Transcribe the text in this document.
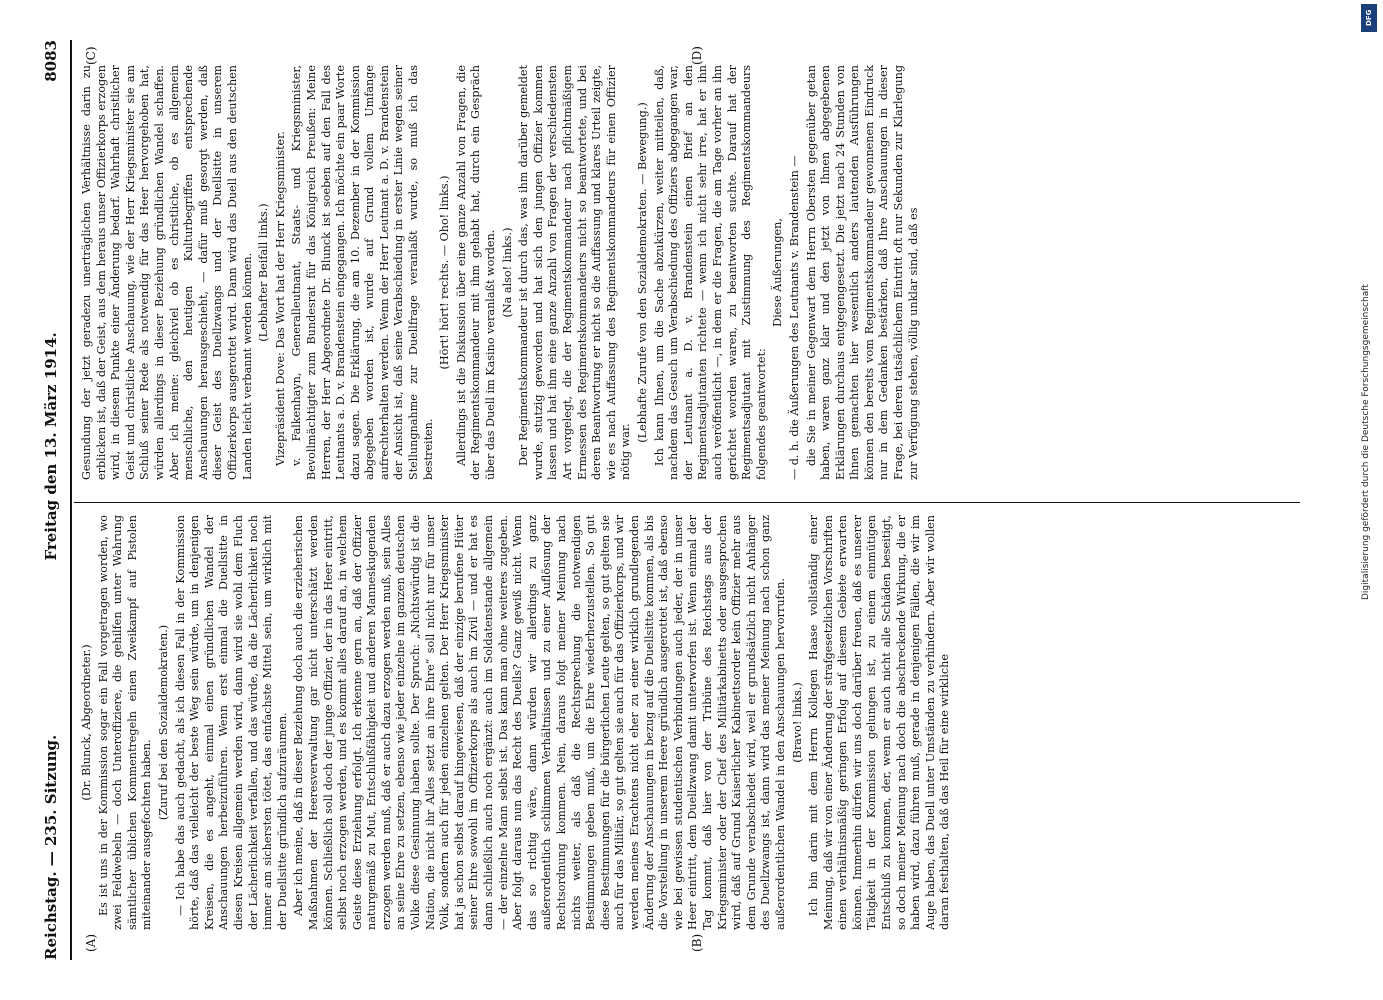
Reichstag. — 235. Sitzung.
Freitag den 13. März 1914.  8083
(A)	(B)
(C)	(D)

(Dr. Blunck, Abgeordneter.) Es ist uns in der Kommission sogar ein Fall vorgetragen worden, wo zwei Feldwebeln — doch Unteroffiziere, die gehilfen unter Wahrung sämtlicher üblichen Kommentregeln einen Zweikampf auf Pistolen miteinander ausgefochten haben.

(Zuruf bei den Sozialdemokraten.) — Ich habe das auch gedacht, als ich diesen Fall in der Kommission hörte, daß das vielleicht der beste Weg sein würde, um in denjenigen Kreisen, die es angeht, einmal einen gründlichen Wandel der Anschauungen herbeizuführen. Wenn erst einmal die Duellsitte in diesen Kreisen allgemein werden wird, dann wird sie wohl dem Fluch der Lächerlichkeit verfallen, und das würde, da die Lächerlichkeit noch immer am sichersten tötet, das einfachste Mittel sein, um wirklich mit der Duellsitte gründlich aufzuräumen. Aber ich meine, daß in dieser Beziehung doch auch die erzieherischen Maßnahmen der Heeresverwaltung gar nicht unterschätzt werden können. Schließlich soll doch der junge Offizier, der in das Heer eintritt, selbst noch erzogen werden, und es kommt alles darauf an, in welchem Geiste diese Erziehung erfolgt. Ich erkenne gern an, daß der Offizier naturgemäß zu Mut, Entschlußfähigkeit und anderen Manneskugenden erzogen werden muß, daß er auch dazu erzogen werden muß, sein Alles an seine Ehre zu setzen, ebenso wie jeder einzelne im ganzen deutschen Volke diese Gesinnung haben sollte. Der Spruch: „Nichtswürdig ist die Nation, die nicht ihr Alles setzt an ihre Ehre“ soll nicht nur für unser Volk, sondern auch für jeden einzelnen gelten. Der Herr Kriegsminister hat ja schon selbst darauf hingewiesen, daß der einzige berufene Hüter seiner Ehre sowohl im Offizierkorps als auch im Zivil — und er hat es dann schließlich auch noch ergänzt: auch im Soldatenstande allgemein — der einzelne Mann selbst ist. Das kann man ohne weiteres zugeben. Aber folgt daraus nun das Recht des Duells? Ganz gewiß nicht. Wenn das so richtig wäre, dann würden wir allerdings zu ganz außerordentlich schlimmen Verhältnissen und zu einer Auflösung der Rechtsordnung kommen. Nein, daraus folgt meiner Meinung nach nichts weiter, als daß die Rechtsprechung die notwendigen Bestimmungen geben muß, um die Ehre wiederherzustellen. So gut diese Bestimmungen für die bürgerlichen Leute gelten, so gut gelten sie auch für das Militär, so gut gelten sie auch für das Offizierkorps, und wir werden meines Erachtens nicht eher zu einer wirklich grundlegenden Änderung der Anschauungen in bezug auf die Duellsitte kommen, als bis die Vorstellung in unserem Heere gründlich ausgerottet ist, daß ebenso wie bei gewissen studentischen Verbindungen auch jeder, der in unser Heer eintritt, dem Duellzwang damit unterworfen ist. Wenn einmal der Tag kommt, daß hier von der Tribüne des Reichstags aus der Kriegsminister oder der Chef des Militärkabinetts oder ausgesprochen wird, daß auf Grund Kaiserlicher Kabinettsorder kein Offizier mehr aus dem Grunde verabschiedet wird, weil er grundsätzlich nicht Anhänger des Duellzwangs ist, dann wird das meiner Meinung nach schon ganz außerordentlichen Wandel in den Anschauungen hervorrufen. (Bravo! links.) Ich bin darin mit dem Herrn Kollegen Haase vollständig einer Meinung, daß wir von einer Änderung der strafgesetzlichen Vorschriften einen verhältnismäßig geringen Erfolg auf diesem Gebiete erwarten können. Immerhin dürfen wir uns doch darüber freuen, daß es unserer Tätigkeit in der Kommission gelungen ist, zu einem einmütigen Entschluß zu kommen, der, wenn er auch nicht alle Schäden beseitigt, so doch meiner Meinung nach doch die abschreckende Wirkung, die er haben wird, dazu führen muß, gerade in denjenigen Fällen, die wir im Auge haben, das Duell unter Umständen zu verhindern. Aber wir wollen daran festhalten, daß das Heil für eine wirkliche

Gesundung der jetzt geradezu unerträglichen Verhältnisse darin zu erblicken ist, daß der Geist, aus dem heraus unser Offizierkorps erzogen wird, in diesem Punkte einer Änderung bedarf. Wahrhaft christlicher Geist und christliche Anschauung, wie der Herr Kriegsminister sie am Schluß seiner Rede als notwendig für das Heer hervorgehoben hat, würden allerdings in dieser Beziehung gründlichen Wandel schaffen. Aber ich meine: gleichviel ob es christliche, ob es allgemein menschliche, den heutigen Kulturbegriffen entsprechende Anschauungen herausgeschieht, — dafür muß gesorgt werden, daß dieser Geist des Duellzwangs und der Duellsitte in unserem Offizierkorps ausgerottet wird. Dann wird das Duell aus den deutschen Landen leicht verbannt werden können. (Lebhafter Beifall links.) Vizepräsident Dove: Das Wort hat der Herr Kriegsminister. v. Falkenhayn, Generalleutnant, Staats- und Kriegsminister, Bevollmächtigter zum Bundesrat für das Königreich Preußen: Meine Herren, der Herr Abgeordnete Dr. Blunck ist soeben auf den Fall des Leutnants a. D. v. Brandenstein eingegangen. Ich möchte ein paar Worte dazu sagen. Die Erklärung, die am 10. Dezember in der Kommission abgegeben worden ist, wurde auf Grund vollem Umfange aufrechterhalten werden. Wenn der Herr Leutnant a. D. v. Brandenstein der Ansicht ist, daß seine Verabschiedung in erster Linie wegen seiner Stellungnahme zur Duellfrage veranlaßt wurde, so muß ich das bestreiten.

(Hört! hört! rechts. — Oho! links.) Allerdings ist die Diskussion über eine ganze Anzahl von Fragen, die der Regimentskommandeur mit ihm gehabt hat, durch ein Gespräch über das Duell im Kasino veranlaßt worden. (Na also! links.) Der Regimentskommandeur ist durch das, was ihm darüber gemeldet wurde, stutzig geworden und hat sich den jungen Offizier kommen lassen und hat ihm eine ganze Anzahl von Fragen der verschiedensten Art vorgelegt, die der Regimentskommandeur nach pflichtmäßigem Ermessen des Regimentskommandeurs nicht so beantwortete, und bei deren Beantwortung er nicht so die Auffassung und klares Urteil zeigte, wie es nach Auffassung des Regimentskommandeurs für einen Offizier nötig war.

(Lebhafte Zurufe von den Sozialdemokraten. — Bewegung.) Ich kann Ihnen, um die Sache abzukürzen, weiter mitteilen, daß, nachdem das Gesuch um Verabschiedung des Offiziers abgegangen war, der Leutnant a. D. v. Brandenstein einen Brief an den Regimentsadjutanten richtete — wenn ich nicht sehr irre, hat er ihn auch veröffentlicht —, in dem er die Fragen, die am Tage vorher an ihn gerichtet worden waren, zu beantworten suchte. Darauf hat der Regimentsadjutant mit Zustimmung des Regimentskommandeurs folgendes geantwortet:

Diese Äußerungen, — d. h. die Äußerungen des Leutnants v. Brandenstein — die Sie in meiner Gegenwart dem Herrn Obersten gegenüber getan haben, waren ganz klar und den jetzt von Ihnen abgegebenen Erklärungen durchaus entgegengesetzt. Die jetzt nach 24 Stunden von Ihnen gemachten hier wesentlich anders lautenden Ausführungen können den bereits vom Regimentskommandeur gewonnenen Eindruck nur in dem Gedanken bestärken, daß Ihre Anschauungen in dieser Frage, bei deren tatsächlichem Eintritt oft nur Sekunden zur Klarlegung zur Verfügung stehen, völlig unklar sind, daß es

DFG
Digitalisierung gefördert durch die Deutsche Forschungsgemeinschaft
